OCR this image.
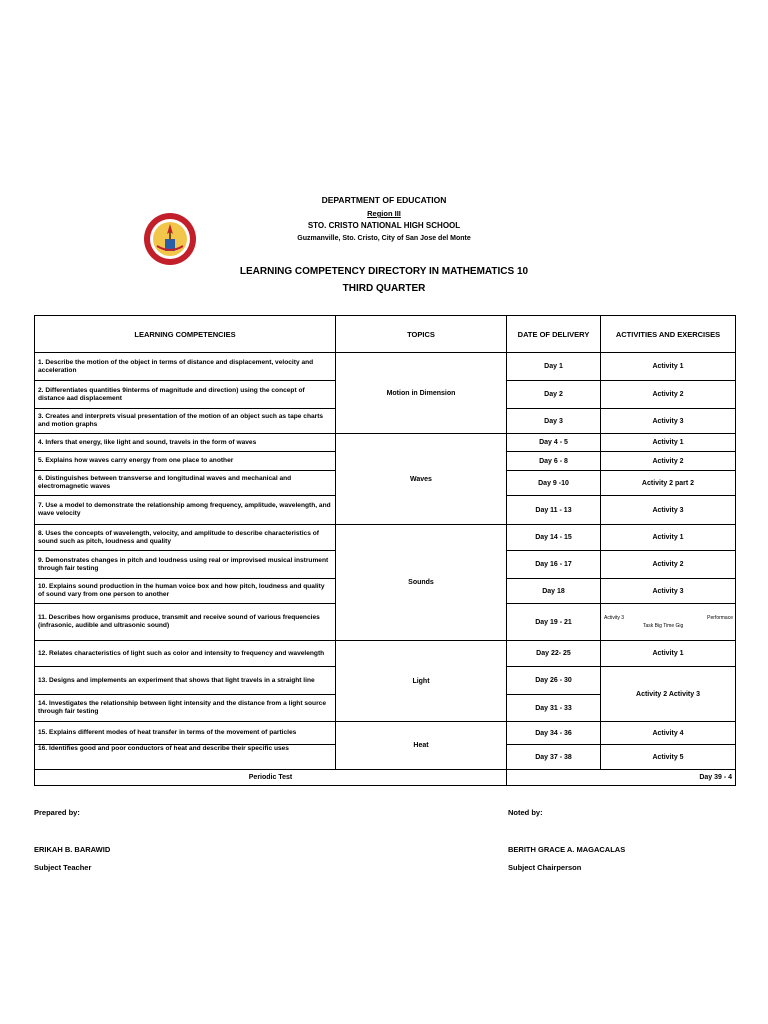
DEPARTMENT OF EDUCATION
Region III
STO. CRISTO NATIONAL HIGH SCHOOL
Guzmanville, Sto. Cristo, City of San Jose del Monte
LEARNING COMPETENCY DIRECTORY IN MATHEMATICS 10
THIRD QUARTER
LEARNING COMPETENCIES	TOPICS	DATE OF DELIVERY	ACTIVITIES AND EXERCISES
1. Describe the motion of the object in terms of distance and displacement, velocity and acceleration	Motion in Dimension	Day 1	Activity 1
2. Differentiates quantities 9interms of magnitude and direction) using the concept of distance aad displacement		Day 2	Activity 2
3. Creates and interprets visual presentation of the motion of an object such as tape charts and motion graphs		Day 3	Activity 3
4. Infers that energy, like light and sound, travels in the form of waves	Waves	Day 4 - 5	Activity 1
5. Explains how waves carry energy from one place to another		Day 6 - 8	Activity 2
6. Distinguishes between transverse and longitudinal waves and mechanical and electromagnetic waves		Day 9 -10	Activity 2 part 2
7. Use a model to demonstrate the relationship among frequency, amplitude, wavelength, and wave velocity		Day 11 - 13	Activity 3
8. Uses the concepts of wavelength, velocity, and amplitude to describe characteristics of sound such as pitch, loudness and quality	Sounds	Day 14 - 15	Activity 1
9. Demonstrates changes in pitch and loudness using real or improvised musical instrument through fair testing		Day 16 - 17	Activity 2
10. Explains sound production in the human voice box and how pitch, loudness and quality of sound vary from one person to another		Day 18	Activity 3
11. Describes how organisms produce, transmit and receive sound of various frequencies (infrasonic, audible and ultrasonic sound)		Day 19 - 21	Activity 3 Performace
Task Big Time Gig

12. Relates characteristics of light such as color and intensity to frequency and wavelength	Light	Day 22- 25	Activity 1
13. Designs and implements an experiment that shows that light travels in a straight line		Day 26 - 30	Activity 2 Activity 3
14. Investigates the relationship between light intensity and the distance from a light source through fair testing		Day 31 - 33	
15. Explains different modes of heat transfer in terms of the movement of particles	Heat	Day 34 - 36	Activity 4
16. Identifies good and poor conductors of heat and describe their specific uses		Day 37 - 38	Activity 5
Periodic Test		Day 39 - 4	
Prepared by:
ERIKAH B. BARAWID
Subject Teacher
Noted by:
BERITH GRACE A. MAGACALAS
Subject Chairperson
